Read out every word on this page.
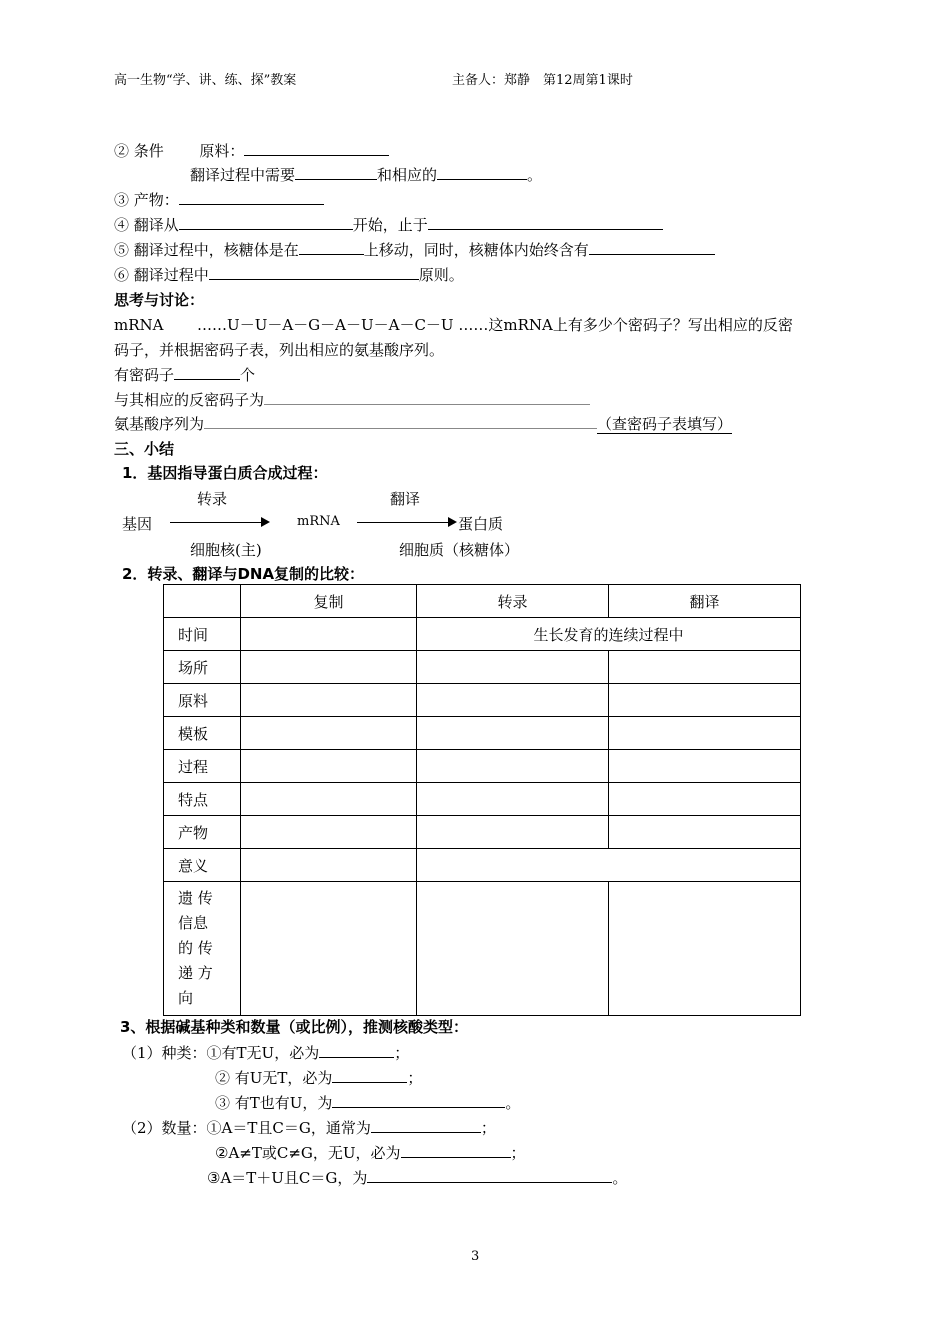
高一生物“学、讲、练、探”教案	主备人：郑静　第12周第1课时
② 条件 原料：
翻译过程中需要	和相应的	。
③ 产物：
④ 翻译从	开始，止于
⑤ 翻译过程中，核糖体是在	上移动，同时，核糖体内始终含有
⑥ 翻译过程中	原则。
思考与讨论：
mRNA ……U－U－A－G－A－U－A－C－U ……这mRNA上有多少个密码子？写出相应的反密
码子，并根据密码子表，列出相应的氨基酸序列。
有密码子	个
与其相应的反密码子为
氨基酸序列为	（查密码子表填写）
三、小结
1．基因指导蛋白质合成过程：
转录	翻译
基因	mRNA	蛋白质
细胞核(主)	细胞质（核糖体）
2．转录、翻译与DNA复制的比较：
	复制	转录	翻译
时间		生长发育的连续过程中	
场所			
原料			
模板			
过程			
特点			
产物			
意义			

遗 传
信息
的 传
递 方
向			

3、根据碱基种类和数量（或比例），推测核酸类型：
（1）种类：①有T无U，必为	；
② 有U无T，必为	；
③ 有T也有U，为	。
（2）数量：①A＝T且C＝G，通常为	；
②A≠T或C≠G，无U，必为	；
③A＝T＋U且C＝G，为	。
3
